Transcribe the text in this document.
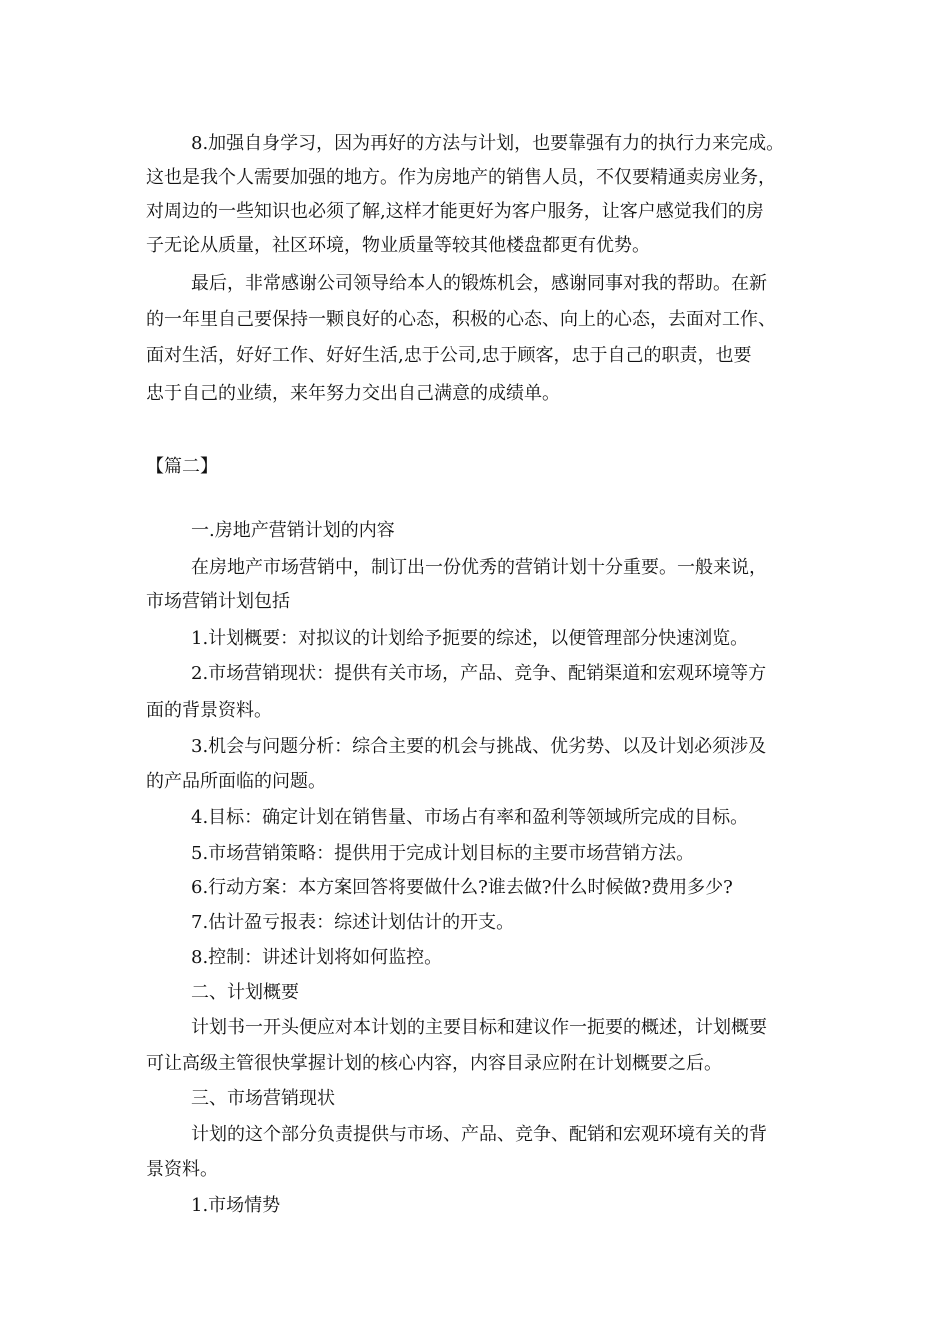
8.加强自身学习，因为再好的方法与计划，也要靠强有力的执行力来完成。
这也是我个人需要加强的地方。作为房地产的销售人员，不仅要精通卖房业务，
对周边的一些知识也必须了解,这样才能更好为客户服务，让客户感觉我们的房
子无论从质量，社区环境，物业质量等较其他楼盘都更有优势。
最后，非常感谢公司领导给本人的锻炼机会，感谢同事对我的帮助。在新
的一年里自己要保持一颗良好的心态，积极的心态、向上的心态，去面对工作、
面对生活，好好工作、好好生活,忠于公司,忠于顾客，忠于自己的职责，也要
忠于自己的业绩，来年努力交出自己满意的成绩单。
【篇二】
一.房地产营销计划的内容
在房地产市场营销中，制订出一份优秀的营销计划十分重要。一般来说，
市场营销计划包括
1.计划概要：对拟议的计划给予扼要的综述，以便管理部分快速浏览。
2.市场营销现状：提供有关市场，产品、竞争、配销渠道和宏观环境等方
面的背景资料。
3.机会与问题分析：综合主要的机会与挑战、优劣势、以及计划必须涉及
的产品所面临的问题。
4.目标：确定计划在销售量、市场占有率和盈利等领域所完成的目标。
5.市场营销策略：提供用于完成计划目标的主要市场营销方法。
6.行动方案：本方案回答将要做什么?谁去做?什么时候做?费用多少?
7.估计盈亏报表：综述计划估计的开支。
8.控制：讲述计划将如何监控。
二、计划概要
计划书一开头便应对本计划的主要目标和建议作一扼要的概述，计划概要
可让高级主管很快掌握计划的核心内容，内容目录应附在计划概要之后。
三、市场营销现状
计划的这个部分负责提供与市场、产品、竞争、配销和宏观环境有关的背
景资料。
1.市场情势
